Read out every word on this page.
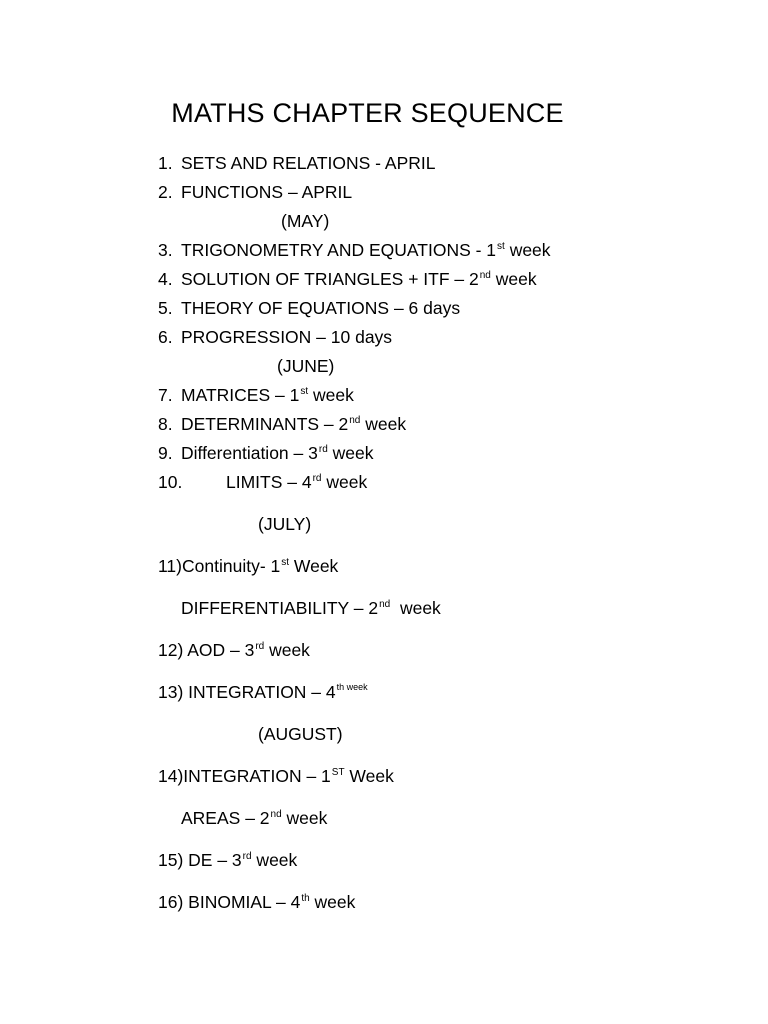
MATHS CHAPTER SEQUENCE
1. SETS AND RELATIONS - APRIL
2. FUNCTIONS – APRIL
(MAY)
3. TRIGONOMETRY AND EQUATIONS - 1st week
4. SOLUTION OF TRIANGLES + ITF – 2nd week
5. THEORY OF EQUATIONS – 6 days
6. PROGRESSION – 10 days
(JUNE)
7. MATRICES – 1st week
8. DETERMINANTS – 2nd week
9. Differentiation – 3rd week
10. LIMITS – 4rd week
(JULY)
11)Continuity- 1st Week
DIFFERENTIABILITY – 2nd  week
12) AOD – 3rd week
13) INTEGRATION – $4^{th week}$
(AUGUST)
14)INTEGRATION – 1ST Week
AREAS – 2nd week
15) DE – 3rd week
16) BINOMIAL – 4th week
